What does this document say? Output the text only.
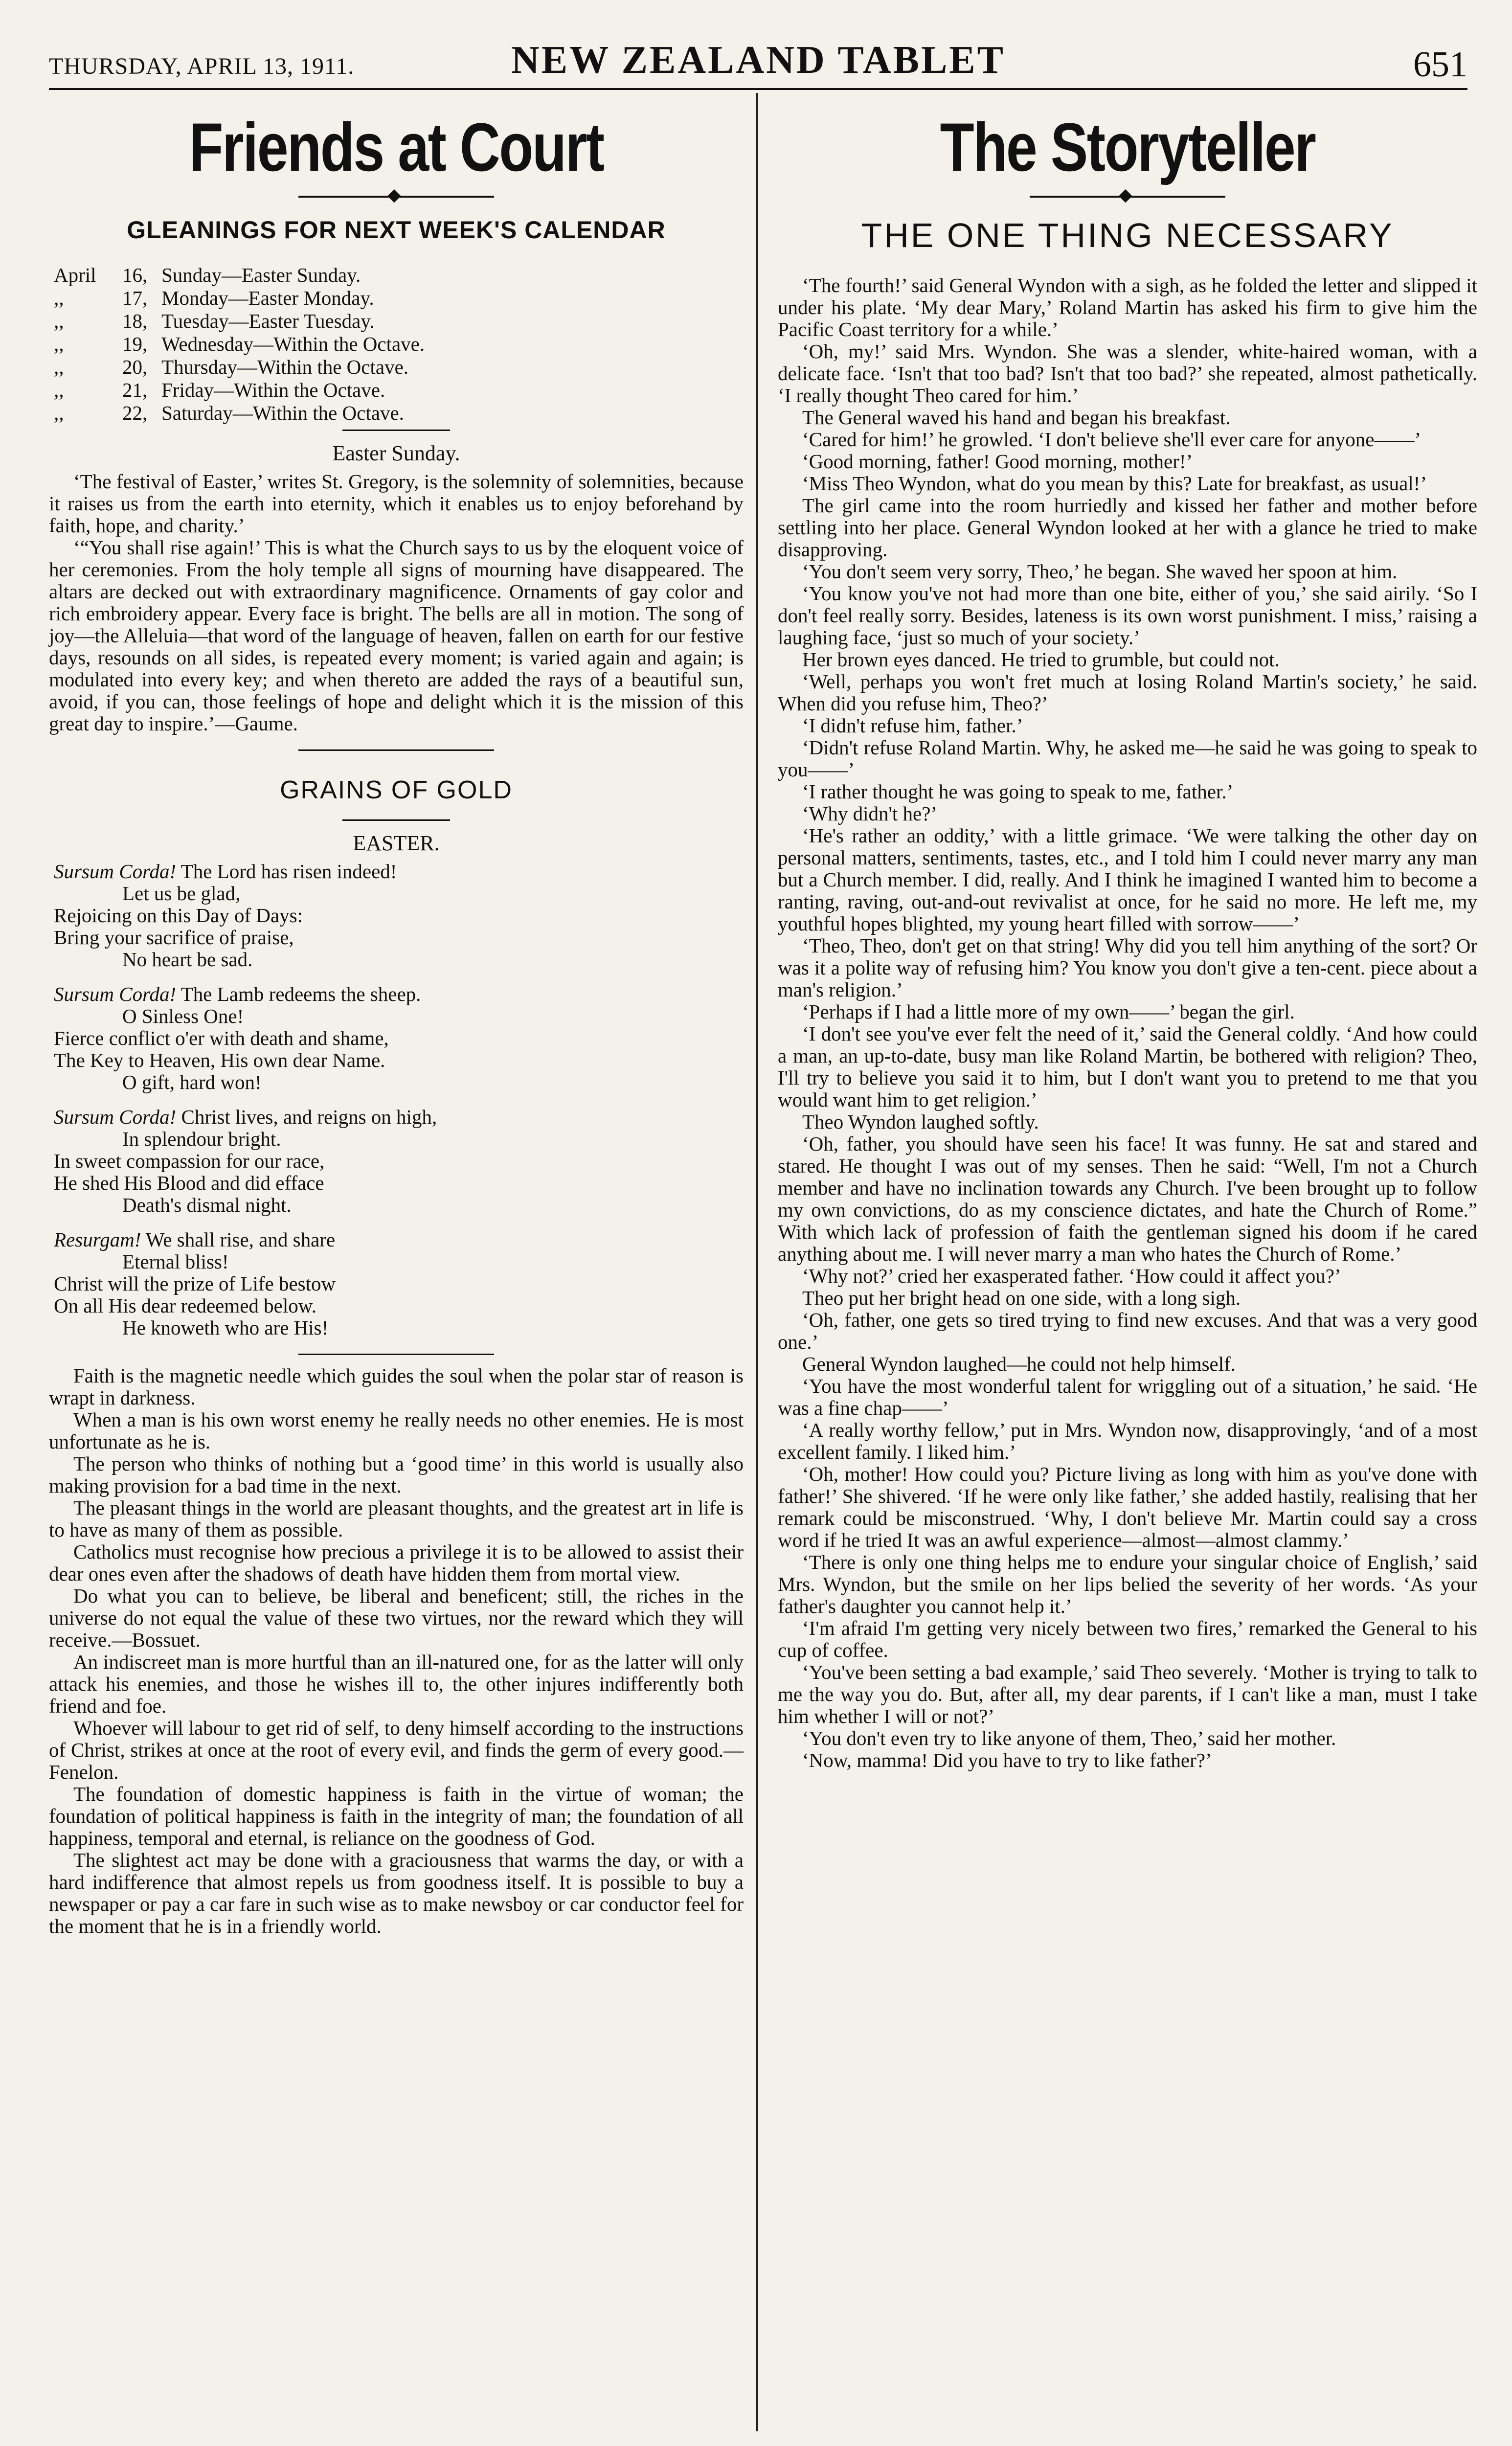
THURSDAY, APRIL 13, 1911.	NEW ZEALAND TABLET	651
Friends at Court
◆
GLEANINGS FOR NEXT WEEK'S CALENDAR
April	16, Sunday—Easter Sunday.
,,	17, Monday—Easter Monday.
,,	18, Tuesday—Easter Tuesday.
,,	19, Wednesday—Within the Octave.
,,	20, Thursday—Within the Octave.
,,	21, Friday—Within the Octave.
,,	22, Saturday—Within the Octave.
Easter Sunday.

‘The festival of Easter,’ writes St. Gregory, is the solemnity of solemnities, because it raises us from the earth into eternity, which it enables us to enjoy beforehand by faith, hope, and charity.’

‘“You shall rise again!’ This is what the Church says to us by the eloquent voice of her ceremonies. From the holy temple all signs of mourning have disappeared. The altars are decked out with extraordinary magnificence. Ornaments of gay color and rich embroidery appear. Every face is bright. The bells are all in motion. The song of joy—the Alleluia—that word of the language of heaven, fallen on earth for our festive days, resounds on all sides, is repeated every moment; is varied again and again; is modulated into every key; and when thereto are added the rays of a beautiful sun, avoid, if you can, those feelings of hope and delight which it is the mission of this great day to inspire.’—Gaume.

GRAINS OF GOLD
EASTER.
Sursum Corda! The Lord has risen indeed!
Let us be glad,
Rejoicing on this Day of Days:
Bring your sacrifice of praise,
No heart be sad.
Sursum Corda! The Lamb redeems the sheep.
O Sinless One!
Fierce conflict o'er with death and shame,
The Key to Heaven, His own dear Name.
O gift, hard won!
Sursum Corda! Christ lives, and reigns on high,
In splendour bright.
In sweet compassion for our race,
He shed His Blood and did efface
Death's dismal night.
Resurgam! We shall rise, and share
Eternal bliss!
Christ will the prize of Life bestow
On all His dear redeemed below.
He knoweth who are His!

Faith is the magnetic needle which guides the soul when the polar star of reason is wrapt in darkness.

When a man is his own worst enemy he really needs no other enemies. He is most unfortunate as he is.

The person who thinks of nothing but a ‘good time’ in this world is usually also making provision for a bad time in the next.

The pleasant things in the world are pleasant thoughts, and the greatest art in life is to have as many of them as possible.

Catholics must recognise how precious a privilege it is to be allowed to assist their dear ones even after the shadows of death have hidden them from mortal view.

Do what you can to believe, be liberal and beneficent; still, the riches in the universe do not equal the value of these two virtues, nor the reward which they will receive.—Bossuet.

An indiscreet man is more hurtful than an ill-natured one, for as the latter will only attack his enemies, and those he wishes ill to, the other injures indifferently both friend and foe.

Whoever will labour to get rid of self, to deny himself according to the instructions of Christ, strikes at once at the root of every evil, and finds the germ of every good.—Fenelon.

The foundation of domestic happiness is faith in the virtue of woman; the foundation of political happiness is faith in the integrity of man; the foundation of all happiness, temporal and eternal, is reliance on the goodness of God.

The slightest act may be done with a graciousness that warms the day, or with a hard indifference that almost repels us from goodness itself. It is possible to buy a newspaper or pay a car fare in such wise as to make newsboy or car conductor feel for the moment that he is in a friendly world.

The Storyteller
◆
THE ONE THING NECESSARY

‘The fourth!’ said General Wyndon with a sigh, as he folded the letter and slipped it under his plate. ‘My dear Mary,’ Roland Martin has asked his firm to give him the Pacific Coast territory for a while.’

‘Oh, my!’ said Mrs. Wyndon. She was a slender, white-haired woman, with a delicate face. ‘Isn't that too bad? Isn't that too bad?’ she repeated, almost pathetically. ‘I really thought Theo cared for him.’

The General waved his hand and began his breakfast.

‘Cared for him!’ he growled. ‘I don't believe she'll ever care for anyone——’

‘Good morning, father! Good morning, mother!’

‘Miss Theo Wyndon, what do you mean by this? Late for breakfast, as usual!’

The girl came into the room hurriedly and kissed her father and mother before settling into her place. General Wyndon looked at her with a glance he tried to make disapproving.

‘You don't seem very sorry, Theo,’ he began. She waved her spoon at him.

‘You know you've not had more than one bite, either of you,’ she said airily. ‘So I don't feel really sorry. Besides, lateness is its own worst punishment. I miss,’ raising a laughing face, ‘just so much of your society.’

Her brown eyes danced. He tried to grumble, but could not.

‘Well, perhaps you won't fret much at losing Roland Martin's society,’ he said. When did you refuse him, Theo?’

‘I didn't refuse him, father.’

‘Didn't refuse Roland Martin. Why, he asked me—he said he was going to speak to you——’

‘I rather thought he was going to speak to me, father.’

‘Why didn't he?’

‘He's rather an oddity,’ with a little grimace. ‘We were talking the other day on personal matters, sentiments, tastes, etc., and I told him I could never marry any man but a Church member. I did, really. And I think he imagined I wanted him to become a ranting, raving, out-and-out revivalist at once, for he said no more. He left me, my youthful hopes blighted, my young heart filled with sorrow——’

‘Theo, Theo, don't get on that string! Why did you tell him anything of the sort? Or was it a polite way of refusing him? You know you don't give a ten-cent. piece about a man's religion.’

‘Perhaps if I had a little more of my own——’ began the girl.

‘I don't see you've ever felt the need of it,’ said the General coldly. ‘And how could a man, an up-to-date, busy man like Roland Martin, be bothered with religion? Theo, I'll try to believe you said it to him, but I don't want you to pretend to me that you would want him to get religion.’

Theo Wyndon laughed softly.

‘Oh, father, you should have seen his face! It was funny. He sat and stared and stared. He thought I was out of my senses. Then he said: “Well, I'm not a Church member and have no inclination towards any Church. I've been brought up to follow my own convictions, do as my conscience dictates, and hate the Church of Rome.” With which lack of profession of faith the gentleman signed his doom if he cared anything about me. I will never marry a man who hates the Church of Rome.’

‘Why not?’ cried her exasperated father. ‘How could it affect you?’

Theo put her bright head on one side, with a long sigh.

‘Oh, father, one gets so tired trying to find new excuses. And that was a very good one.’

General Wyndon laughed—he could not help himself.

‘You have the most wonderful talent for wriggling out of a situation,’ he said. ‘He was a fine chap——’

‘A really worthy fellow,’ put in Mrs. Wyndon now, disapprovingly, ‘and of a most excellent family. I liked him.’

‘Oh, mother! How could you? Picture living as long with him as you've done with father!’ She shivered. ‘If he were only like father,’ she added hastily, realising that her remark could be misconstrued. ‘Why, I don't believe Mr. Martin could say a cross word if he tried It was an awful experience—almost—almost clammy.’

‘There is only one thing helps me to endure your singular choice of English,’ said Mrs. Wyndon, but the smile on her lips belied the severity of her words. ‘As your father's daughter you cannot help it.’

‘I'm afraid I'm getting very nicely between two fires,’ remarked the General to his cup of coffee.

‘You've been setting a bad example,’ said Theo severely. ‘Mother is trying to talk to me the way you do. But, after all, my dear parents, if I can't like a man, must I take him whether I will or not?’

‘You don't even try to like anyone of them, Theo,’ said her mother.

‘Now, mamma! Did you have to try to like father?’
